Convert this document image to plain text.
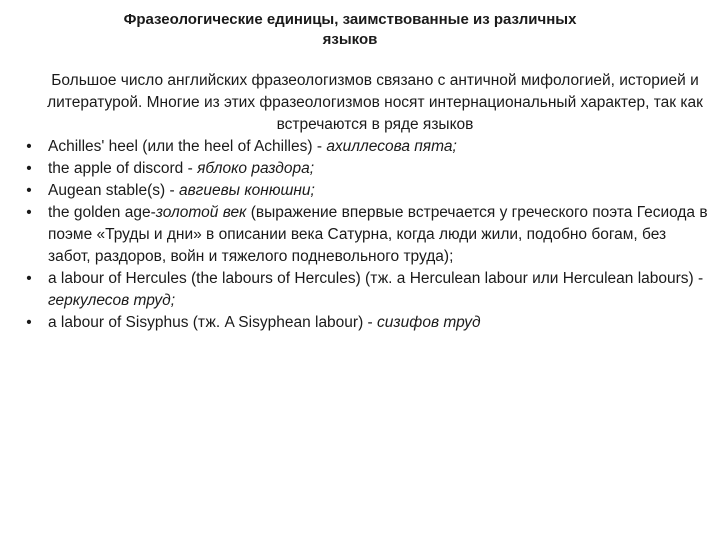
Фразеологические единицы, заимствованные из различных
языков

Большое число английских фразеологизмов связано с античной мифологией, историей и литературой. Многие из этих фразеологизмов носят интернациональный характер, так как встречаются в ряде языков

• Achilles' heel (или the heel of Achilles) - ахиллесова пята;
• the apple of discord - яблоко раздора;
• Augean stable(s) - авгиевы конюшни;
• the golden age-золотой век (выражение впервые встречается у греческого поэта Гесиода в поэме «Труды и дни» в описании века Сатурна, когда люди жили, подобно богам, без забот, раздоров, войн и тяжелого подневольного труда);
• a labour of Hercules (the labours of Hercules) (тж. a Herculean labour или Herculean labours) - геркулесов труд;
• a labour of Sisyphus (тж. A Sisyphean labour) - сизифов труд
